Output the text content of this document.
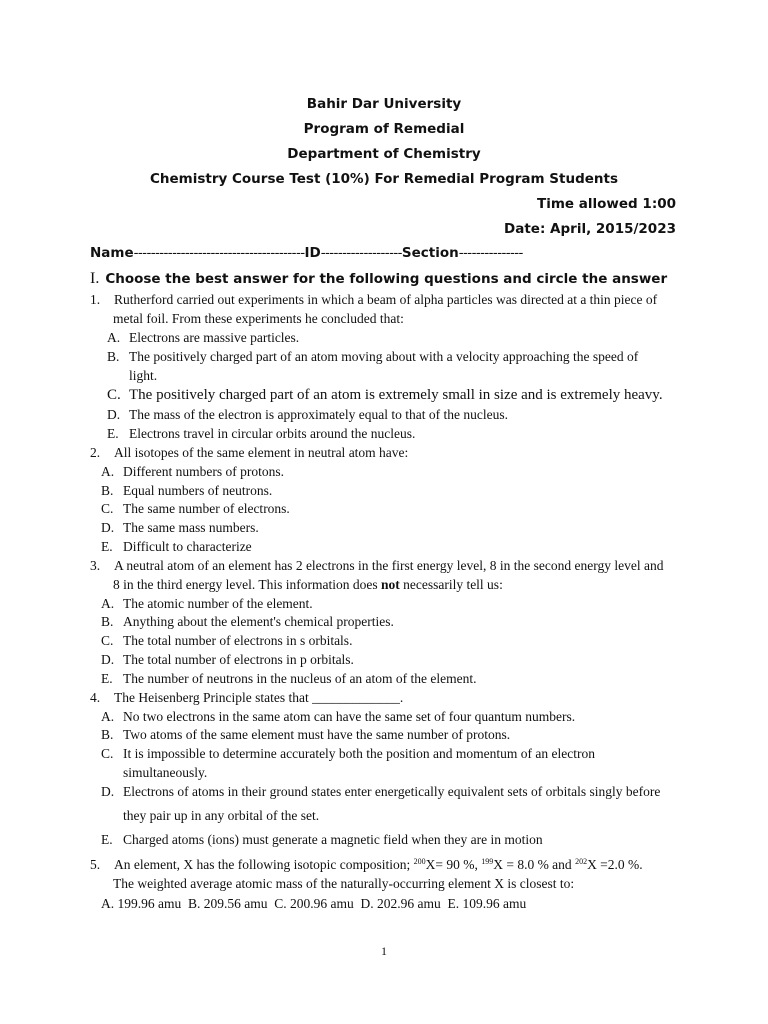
Bahir Dar University
Program of Remedial
Department of Chemistry
Chemistry Course Test (10%) For Remedial Program Students
Time allowed 1:00
Date: April, 2015/2023
Name----------------------------------------ID-------------------Section---------------
I. Choose the best answer for the following questions and circle the answer
1. Rutherford carried out experiments in which a beam of alpha particles was directed at a thin piece of
metal foil. From these experiments he concluded that:
A. Electrons are massive particles.
B. The positively charged part of an atom moving about with a velocity approaching the speed of
light.
C. The positively charged part of an atom is extremely small in size and is extremely heavy.
D. The mass of the electron is approximately equal to that of the nucleus.
E. Electrons travel in circular orbits around the nucleus.
2. All isotopes of the same element in neutral atom have:
A. Different numbers of protons.
B. Equal numbers of neutrons.
C. The same number of electrons.
D. The same mass numbers.
E. Difficult to characterize
3. A neutral atom of an element has 2 electrons in the first energy level, 8 in the second energy level and
8 in the third energy level. This information does not necessarily tell us:
A. The atomic number of the element.
B. Anything about the element's chemical properties.
C. The total number of electrons in s orbitals.
D. The total number of electrons in p orbitals.
E. The number of neutrons in the nucleus of an atom of the element.
4. The Heisenberg Principle states that _____________.
A. No two electrons in the same atom can have the same set of four quantum numbers.
B. Two atoms of the same element must have the same number of protons.
C. It is impossible to determine accurately both the position and momentum of an electron
simultaneously.
D. Electrons of atoms in their ground states enter energetically equivalent sets of orbitals singly before
they pair up in any orbital of the set.
E. Charged atoms (ions) must generate a magnetic field when they are in motion
5. An element, X has the following isotopic composition; $^{200}$X= 90 %, $^{199}$X = 8.0 % and $^{202}$X =2.0 %.
The weighted average atomic mass of the naturally-occurring element X is closest to:
A. 199.96 amu B. 209.56 amu C. 200.96 amu D. 202.96 amu E. 109.96 amu
1
